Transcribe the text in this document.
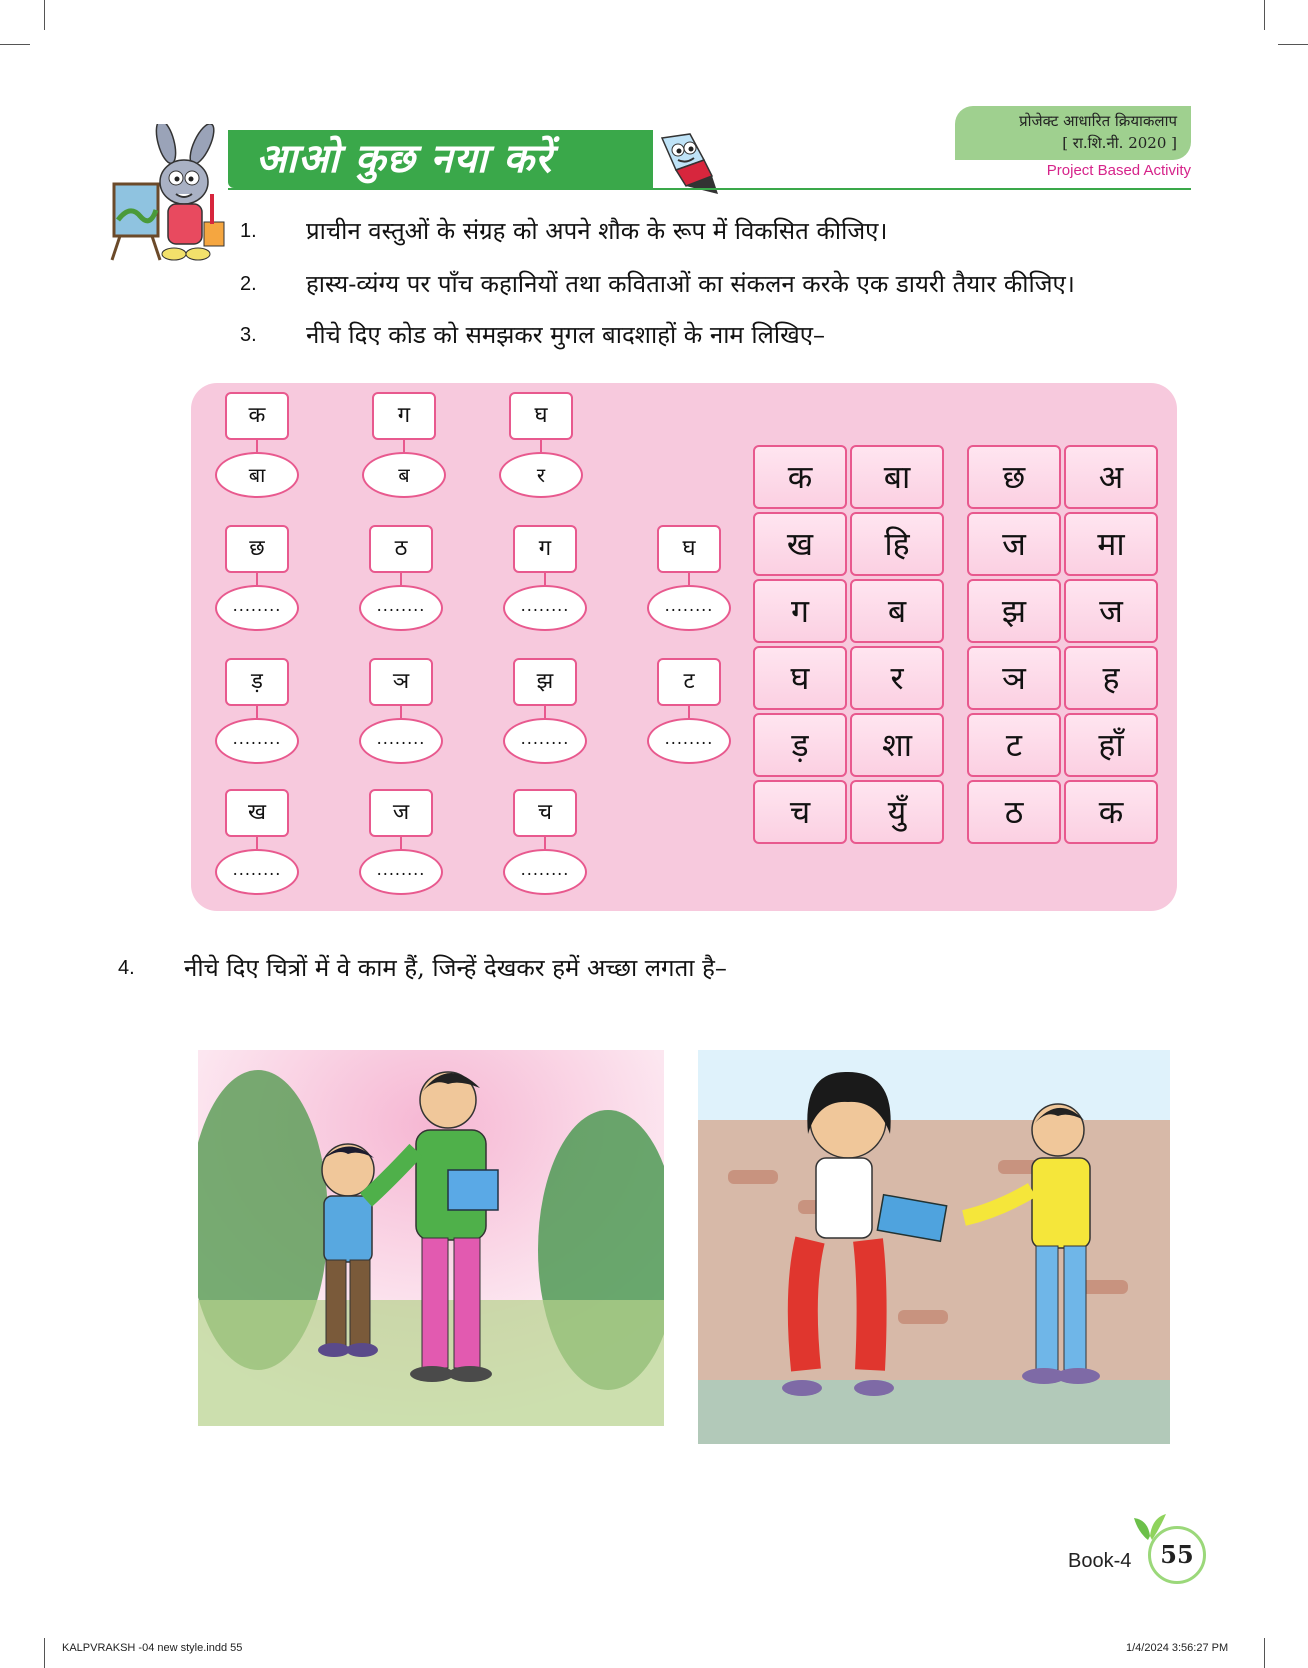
आओ कुछ नया करें
प्रोजेक्ट आधारित क्रियाकलाप
[ रा.शि.नी. 2020 ]
Project Based Activity
1. प्राचीन वस्तुओं के संग्रह को अपने शौक के रूप में विकसित कीजिए।
2. हास्य-व्यंग्य पर पाँच कहानियों तथा कविताओं का संकलन करके एक डायरी तैयार कीजिए।
3. नीचे दिए कोड को समझकर मुगल बादशाहों के नाम लिखिए–
क
बा
ग
ब
घ
र
छ
........
ठ
........
ग
........
घ
........
ड़
........
ञ
........
झ
........
ट
........
ख
........
ज
........
च
........
क	बा
ख	हि
ग	ब
घ	र
ड़	शा
च	युँ
छ	अ
ज	मा
झ	ज
ञ	ह
ट	हाँ
ठ	क
4. नीचे दिए चित्रों में वे काम हैं, जिन्हें देखकर हमें अच्छा लगता है–
Book-4	55
KALPVRAKSH -04 new style.indd 55	1/4/2024 3:56:27 PM
